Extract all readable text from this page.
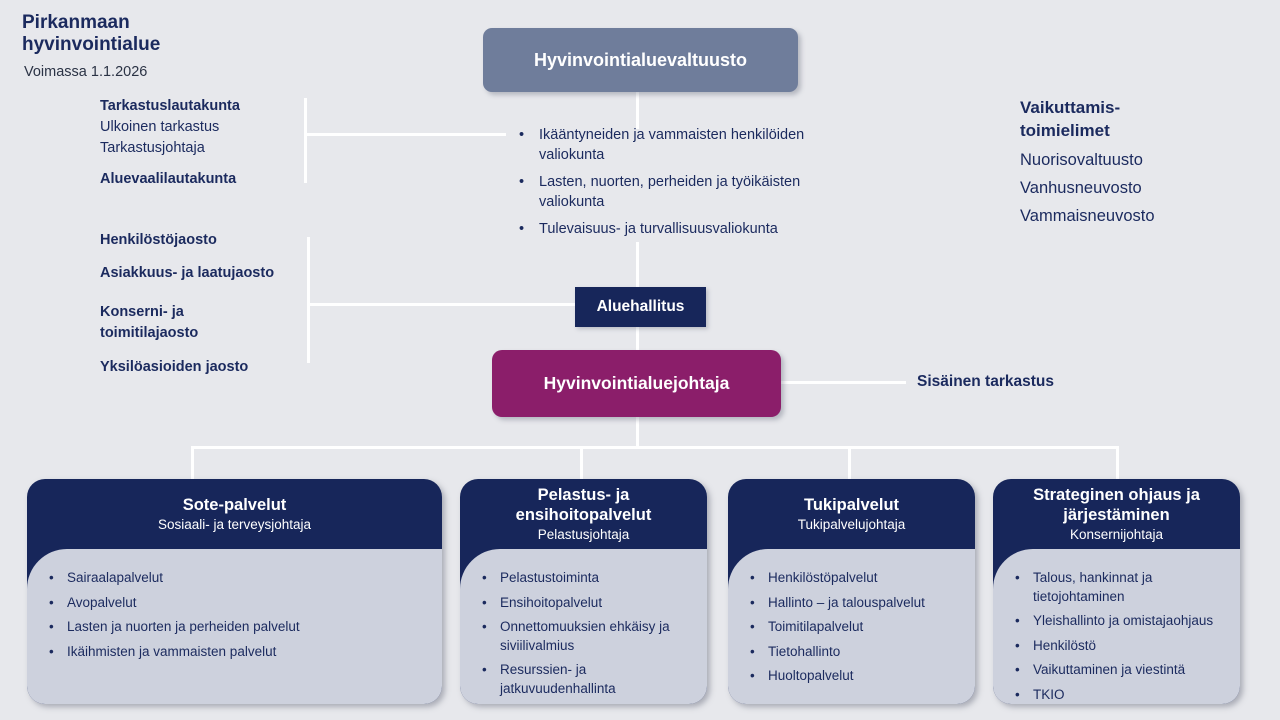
Pirkanmaan
hyvinvointialue
Voimassa 1.1.2026
Hyvinvointialuevaltuusto
Tarkastuslautakunta
Ulkoinen tarkastus
Tarkastusjohtaja
Aluevaalilautakunta
Henkilöstöjaosto
Asiakkuus- ja laatujaosto
Konserni- ja toimitilajaosto
Yksilöasioiden jaosto
• Ikääntyneiden ja vammaisten henkilöiden valiokunta
• Lasten, nuorten, perheiden ja työikäisten valiokunta
• Tulevaisuus- ja turvallisuusvaliokunta
Vaikuttamis-
toimielimet
Nuorisovaltuusto
Vanhusneuvosto
Vammaisneuvosto
Aluehallitus
Hyvinvointialuejohtaja	Sisäinen tarkastus
Sote-palvelut
Sosiaali- ja terveysjohtaja
• Sairaalapalvelut
• Avopalvelut
• Lasten ja nuorten ja perheiden palvelut
• Ikäihmisten ja vammaisten palvelut
Pelastus- ja ensihoitopalvelut
Pelastusjohtaja
• Pelastustoiminta
• Ensihoitopalvelut
• Onnettomuuksien ehkäisy ja siviilivalmius
• Resurssien- ja jatkuvuudenhallinta
Tukipalvelut
Tukipalvelujohtaja
• Henkilöstöpalvelut
• Hallinto – ja talouspalvelut
• Toimitilapalvelut
• Tietohallinto
• Huoltopalvelut
Strateginen ohjaus ja järjestäminen
Konsernijohtaja
• Talous, hankinnat ja tietojohtaminen
• Yleishallinto ja omistajaohjaus
• Henkilöstö
• Vaikuttaminen ja viestintä
• TKIO
